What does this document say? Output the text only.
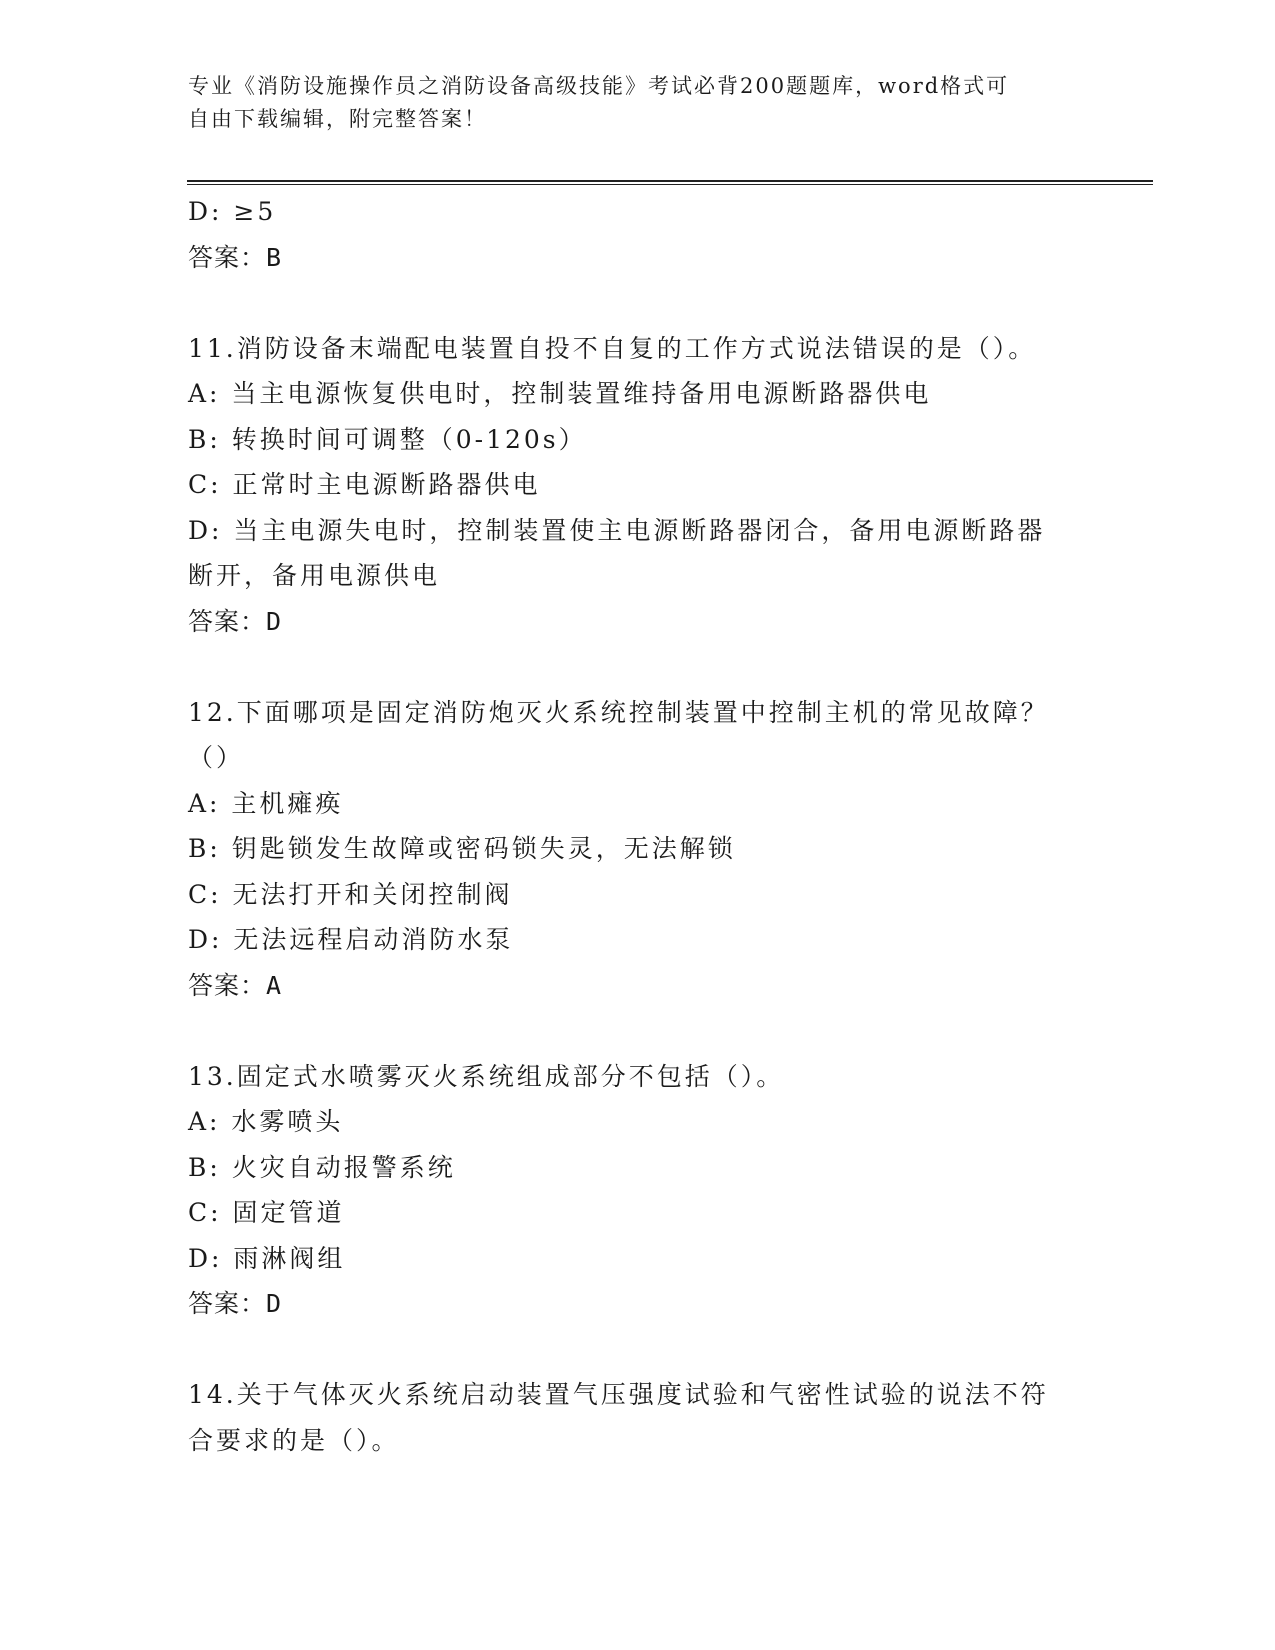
专业《消防设施操作员之消防设备高级技能》考试必背200题题库，word格式可
自由下载编辑，附完整答案！
D: ≥5
答案：B
11.消防设备末端配电装置自投不自复的工作方式说法错误的是（）。
A: 当主电源恢复供电时，控制装置维持备用电源断路器供电
B: 转换时间可调整（0-120s）
C: 正常时主电源断路器供电
D: 当主电源失电时，控制装置使主电源断路器闭合，备用电源断路器
断开，备用电源供电
答案：D
12.下面哪项是固定消防炮灭火系统控制装置中控制主机的常见故障？
（）
A: 主机瘫痪
B: 钥匙锁发生故障或密码锁失灵，无法解锁
C: 无法打开和关闭控制阀
D: 无法远程启动消防水泵
答案：A
13.固定式水喷雾灭火系统组成部分不包括（）。
A: 水雾喷头
B: 火灾自动报警系统
C: 固定管道
D: 雨淋阀组
答案：D
14.关于气体灭火系统启动装置气压强度试验和气密性试验的说法不符
合要求的是（）。
